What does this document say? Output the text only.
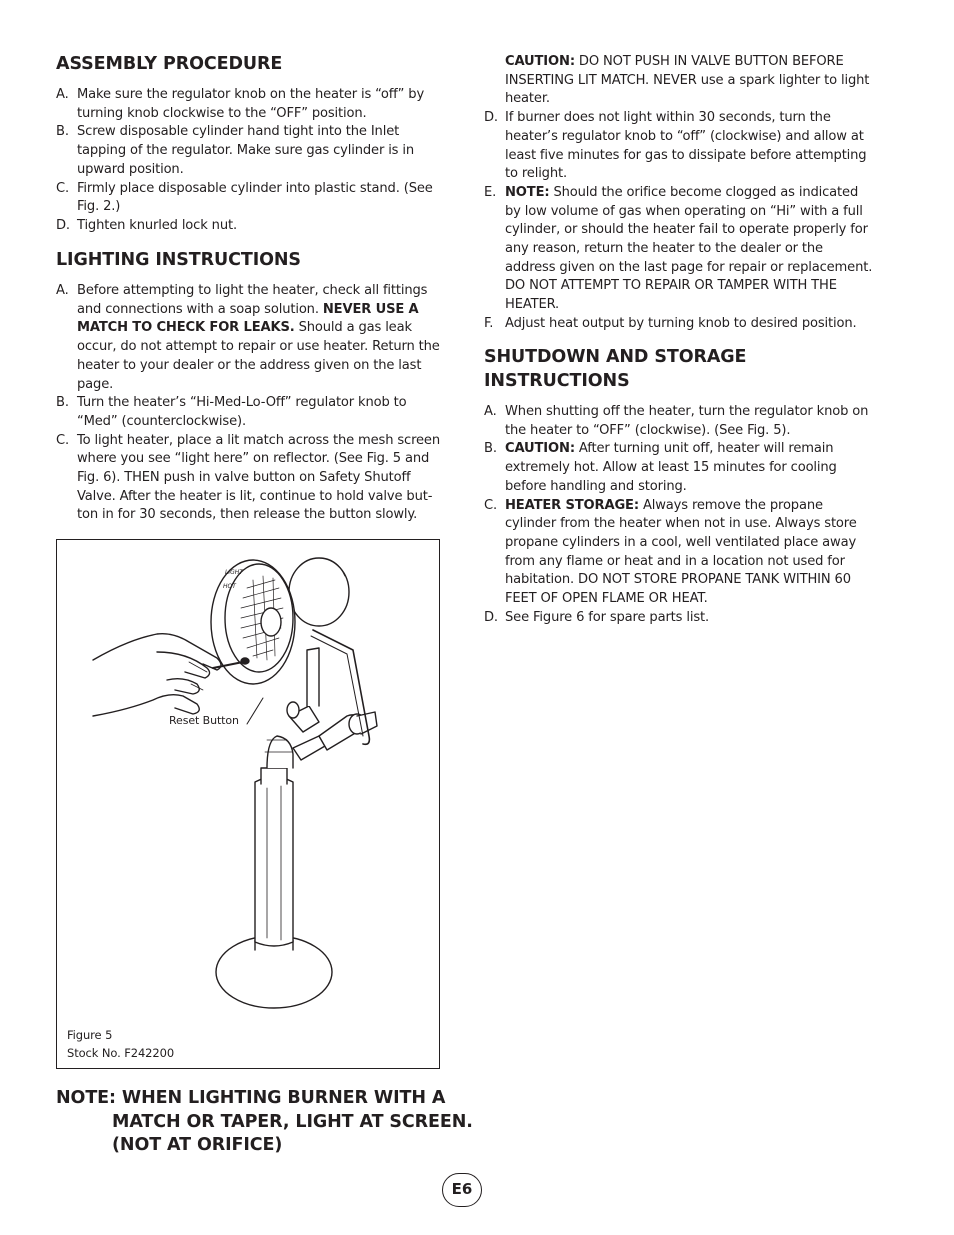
ASSEMBLY PROCEDURE
A. Make sure the regulator knob on the heater is “off” by turning knob clockwise to the “OFF” position.
B. Screw disposable cylinder hand tight into the Inlet tapping of the regulator. Make sure gas cylinder is in upward position.
C. Firmly place disposable cylinder into plastic stand. (See Fig. 2.)
D. Tighten knurled lock nut.
LIGHTING INSTRUCTIONS
A. Before attempting to light the heater, check all fittings and connections with a soap solution. NEVER USE A MATCH TO CHECK FOR LEAKS. Should a gas leak occur, do not attempt to repair or use heater. Return the heater to your dealer or the address given on the last page.
B. Turn the heater’s “Hi-Med-Lo-Off” regulator knob to “Med” (counterclockwise).
C. To light heater, place a lit match across the mesh screen where you see “light here” on reflector. (See Fig. 5 and Fig. 6). THEN push in valve button on Safety Shutoff Valve. After the heater is lit, continue to hold valve but-ton in for 30 seconds, then release the button slowly.
LIGHT
HOT
Reset Button
Figure 5
Stock No. F242200
NOTE: WHEN LIGHTING BURNER WITH A
MATCH OR TAPER, LIGHT AT SCREEN.
(NOT AT ORIFICE)
CAUTION: DO NOT PUSH IN VALVE BUTTON BEFORE INSERTING LIT MATCH. NEVER use a spark lighter to light heater.
D. If burner does not light within 30 seconds, turn the heater’s regulator knob to “off” (clockwise) and allow at least five minutes for gas to dissipate before attempting to relight.
E. NOTE: Should the orifice become clogged as indicated by low volume of gas when operating on “Hi” with a full cylinder, or should the heater fail to operate properly for any reason, return the heater to the dealer or the address given on the last page for repair or replacement. DO NOT ATTEMPT TO REPAIR OR TAMPER WITH THE HEATER.
F. Adjust heat output by turning knob to desired position.
SHUTDOWN AND STORAGE
INSTRUCTIONS
A. When shutting off the heater, turn the regulator knob on the heater to “OFF” (clockwise). (See Fig. 5).
B. CAUTION: After turning unit off, heater will remain extremely hot. Allow at least 15 minutes for cooling before handling and storing.
C. HEATER STORAGE: Always remove the propane cylinder from the heater when not in use. Always store propane cylinders in a cool, well ventilated place away from any flame or heat and in a location not used for habitation. DO NOT STORE PROPANE TANK WITHIN 60 FEET OF OPEN FLAME OR HEAT.
D. See Figure 6 for spare parts list.
E6
